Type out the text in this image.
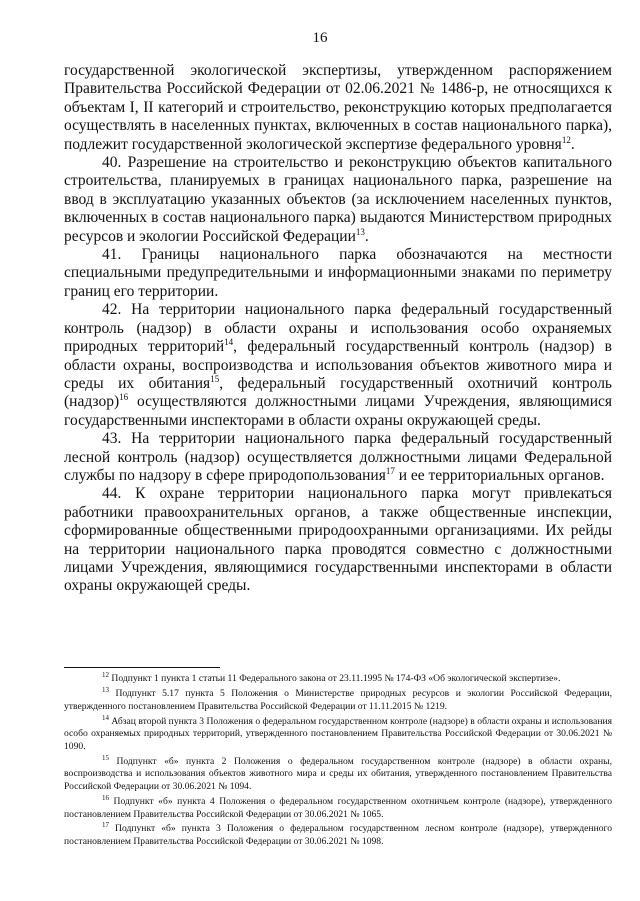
16

государственной экологической экспертизы, утвержденном распоряжением Правительства Российской Федерации от 02.06.2021 № 1486-р, не относящихся к объектам I, II категорий и строительство, реконструкцию которых предполагается осуществлять в населенных пунктах, включенных в состав национального парка), подлежит государственной экологической экспертизе федерального уровня$^{12}$.

40. Разрешение на строительство и реконструкцию объектов капитального строительства, планируемых в границах национального парка, разрешение на ввод в эксплуатацию указанных объектов (за исключением населенных пунктов, включенных в состав национального парка) выдаются Министерством природных ресурсов и экологии Российской Федерации$^{13}$.

41. Границы национального парка обозначаются на местности специальными предупредительными и информационными знаками по периметру границ его территории.

42. На территории национального парка федеральный государственный контроль (надзор) в области охраны и использования особо охраняемых природных территорий$^{14}$, федеральный государственный контроль (надзор) в области охраны, воспроизводства и использования объектов животного мира и среды их обитания$^{15}$, федеральный государственный охотничий контроль (надзор)$^{16}$ осуществляются должностными лицами Учреждения, являющимися государственными инспекторами в области охраны окружающей среды.

43. На территории национального парка федеральный государственный лесной контроль (надзор) осуществляется должностными лицами Федеральной службы по надзору в сфере природопользования$^{17}$ и ее территориальных органов.

44. К охране территории национального парка могут привлекаться работники правоохранительных органов, а также общественные инспекции, сформированные общественными природоохранными организациями. Их рейды на территории национального парка проводятся совместно с должностными лицами Учреждения, являющимися государственными инспекторами в области охраны окружающей среды.

$^{12}$ Подпункт 1 пункта 1 статьи 11 Федерального закона от 23.11.1995 № 174-ФЗ «Об экологической экспертизе».

$^{13}$ Подпункт 5.17 пункта 5 Положения о Министерстве природных ресурсов и экологии Российской Федерации, утвержденного постановлением Правительства Российской Федерации от 11.11.2015 № 1219.

$^{14}$ Абзац второй пункта 3 Положения о федеральном государственном контроле (надзоре) в области охраны и использования особо охраняемых природных территорий, утвержденного постановлением Правительства Российской Федерации от 30.06.2021 № 1090.

$^{15}$ Подпункт «б» пункта 2 Положения о федеральном государственном контроле (надзоре) в области охраны, воспроизводства и использования объектов животного мира и среды их обитания, утвержденного постановлением Правительства Российской Федерации от 30.06.2021 № 1094.

$^{16}$ Подпункт «б» пункта 4 Положения о федеральном государственном охотничьем контроле (надзоре), утвержденного постановлением Правительства Российской Федерации от 30.06.2021 № 1065.

$^{17}$ Подпункт «б» пункта 3 Положения о федеральном государственном лесном контроле (надзоре), утвержденного постановлением Правительства Российской Федерации от 30.06.2021 № 1098.
